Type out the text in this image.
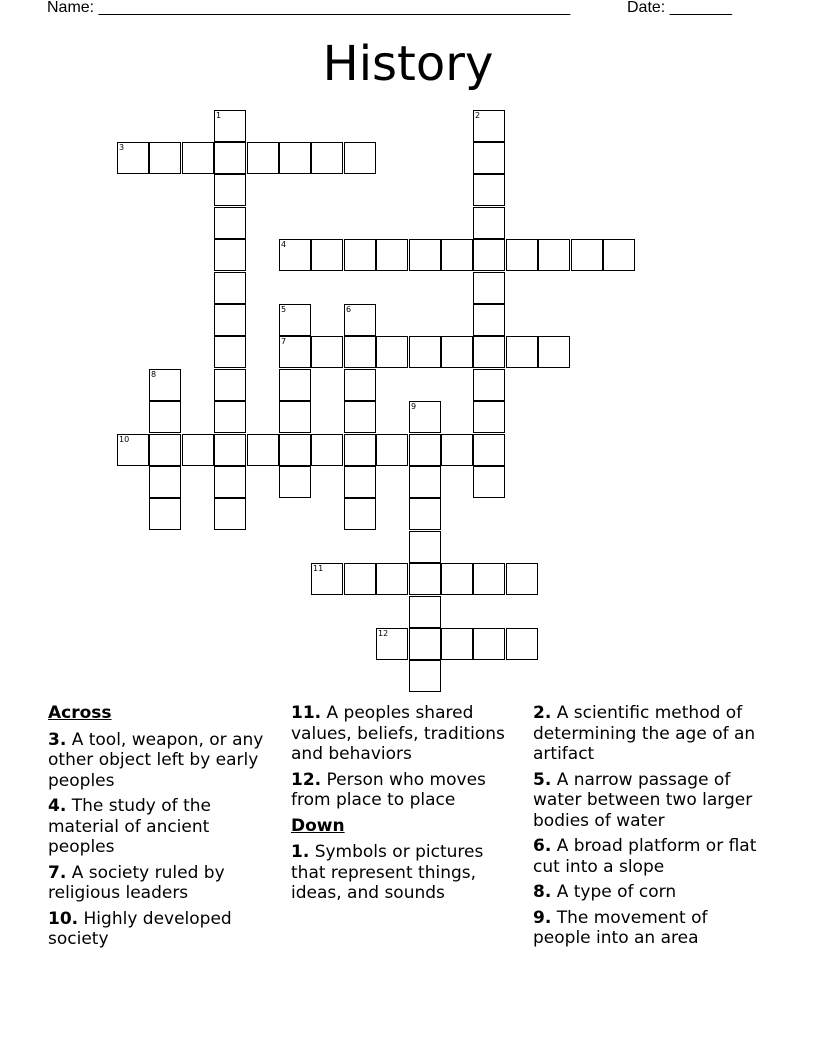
Name: _____________________________________________________	Date: _______
History
3
4
7
10
11
12
1	2
5	6
8
9
Across
3. A tool, weapon, or any other object left by early peoples
4. The study of the material of ancient peoples
7. A society ruled by religious leaders
10. Highly developed society
11. A peoples shared values, beliefs, traditions and behaviors
12. Person who moves from place to place
Down
1. Symbols or pictures that represent things, ideas, and sounds
2. A scientific method of determining the age of an artifact
5. A narrow passage of water between two larger bodies of water
6. A broad platform or flat cut into a slope
8. A type of corn
9. The movement of people into an area
